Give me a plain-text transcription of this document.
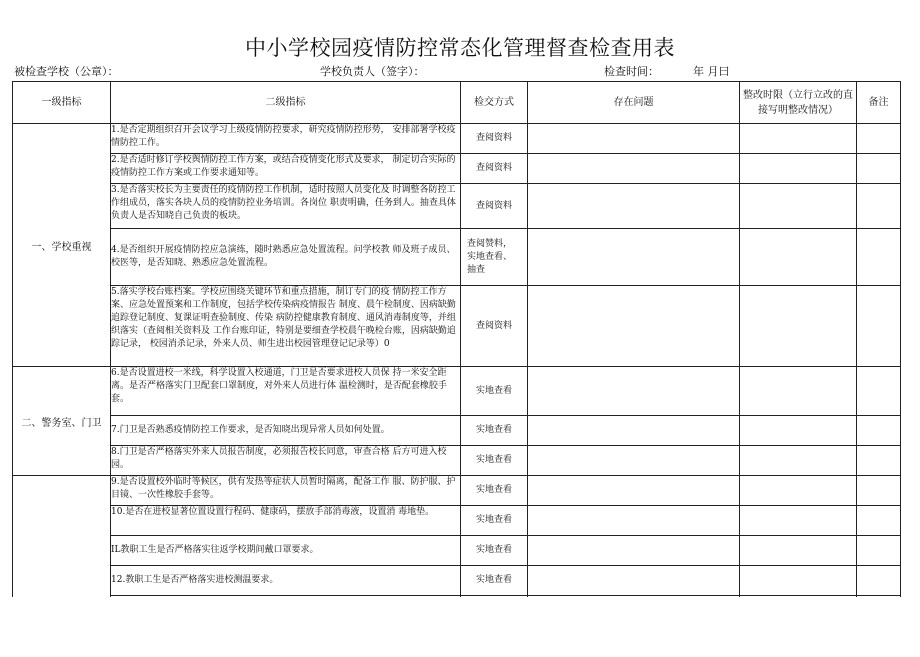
中小学校园疫情防控常态化管理督查检查用表
被检查学校（公章）：	学校负责人（签字）：	检查时间：	年 月曰
一级指标	二级指标	检交方式	存在问题	整改时限（立行立改的直接写明整改情况）	备注
一、学校重视	1.是否定期组织召开会议学习上级疫情防控要求，研究疫情防控形势， 安排部署学校疫情防控工作。	查阅资料			
	2.是否适时修订学校舆情防控工作方案，或结合疫情变化形式及要求， 制定切合实际的疫情防控工作方案或工作要求通知等。	查阅资料			
	3.是否落实校长为主要责任的疫情防控工作机制，适时按照人员变化及 时调整各防控工作组成员，落实各块人员的疫情防控业务培训。各岗位 职责明确，任务到人。抽查具体负责人是否知晓自己负责的板块。	查阅资料			
	4.是否组织开展疫情防控应急演练，随时熟悉应急处置流程。问学校教 师及班子成员、校医等，是否知晓、熟悉应急处置流程。	查阅赞料，
实地查看、
抽查			
	5.落实学校台账档案。学校应围绕关键环节和重点措施，制订专门的疫 情防控工作方案、应急处置预案和工作制度，包括学校传染病疫情报告 制度、晨午检制度、因病缺勤追踪登记制度、复课证明查验制度、传染 病防控健康教育制度、通风消毒制度等，并组织落实（查阅相关资料及 工作台账印证，特别是要细查学校晨午晚检台账，因病缺勤追踪记录， 校园消杀记录，外来人员、师生进出校园管理登记记录等）0	查阅资料			
二、警务室、门卫	6.是否设置进校一米线，科学设置入校通道，门卫是否要求进校人员保 持一米安全距离。是否严格落实门卫配套口罩制度，对外来人员进行体 温检测时，是否配套橡胶手套。	实地查看			
	7.门卫是否熟悉疫情防控工作要求，是否知晓出现异常人员如何处置。	实地查看			
	8.门卫是否严格落实外来人员报告制度，必须报告校长同意，审查合格 后方可进入校园。	实地查看			
	9.是否设置校外临时等候区，供有发热等症状人员暂时隔离，配备工作 服、防护服、护目镜、一次性橡胶手套等。	实地查看			
	10.是否在进校显著位置设置行程码、健康码，摆放手部消毒液，设置消 毒地垫。	实地查看			
	IL教职工生是否严格落实往返学校期间戴口罩要求。	实地查看			
	12.教职工生是否严格落实进校测温要求。	实地查看			
